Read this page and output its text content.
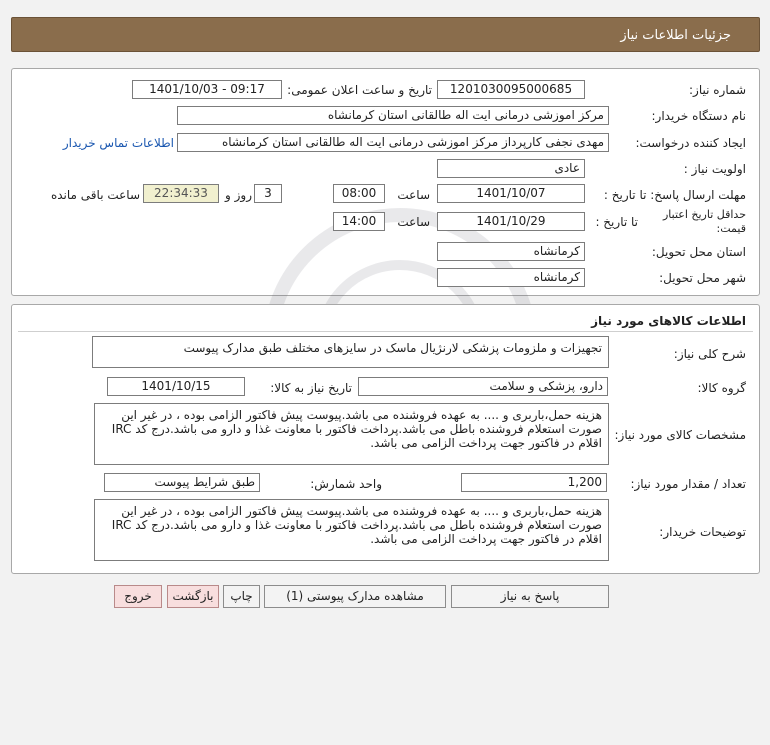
جزئیات اطلاعات نیاز
شماره نیاز:
1201030095000685
تاریخ و ساعت اعلان عمومی:
1401/10/03 - 09:17
نام دستگاه خریدار:
مرکز اموزشی درمانی ایت اله طالقانی استان کرمانشاه
ایجاد کننده درخواست:
مهدی نجفی کارپرداز مرکز اموزشی درمانی ایت اله طالقانی استان کرمانشاه
اطلاعات تماس خریدار
اولویت نیاز :
عادی
مهلت ارسال پاسخ: تا تاریخ :
1401/10/07
ساعت
08:00
3
روز و
22:34:33
ساعت باقی مانده
حداقل تاریخ اعتبار
قیمت:
تا تاریخ :
1401/10/29
ساعت
14:00
استان محل تحویل:
کرمانشاه
شهر محل تحویل:
کرمانشاه
اطلاعات کالاهای مورد نیاز
شرح کلی نیاز:
تجهیزات و ملزومات پزشکی لارنژیال ماسک در سایزهای مختلف طبق مدارک پیوست
گروه کالا:
دارو، پزشکی و سلامت
تاریخ نیاز به کالا:
1401/10/15
مشخصات کالای مورد نیاز:
هزینه حمل،باربری و .... به عهده فروشنده می باشد.پیوست پیش فاکتور الزامی بوده ، در غیر این صورت استعلام فروشنده باطل می باشد.پرداخت فاکتور با معاونت غذا و دارو می باشد.درج کد IRC اقلام در فاکتور جهت پرداخت الزامی می باشد.
تعداد / مقدار مورد نیاز:
1,200
واحد شمارش:
طبق شرایط پیوست
توضیحات خریدار:
هزینه حمل،باربری و .... به عهده فروشنده می باشد.پیوست پیش فاکتور الزامی بوده ، در غیر این صورت استعلام فروشنده باطل می باشد.پرداخت فاکتور با معاونت غذا و دارو می باشد.درج کد IRC اقلام در فاکتور جهت پرداخت الزامی می باشد.
پاسخ به نیاز
مشاهده مدارک پیوستی (1)
چاپ
بازگشت
خروج
